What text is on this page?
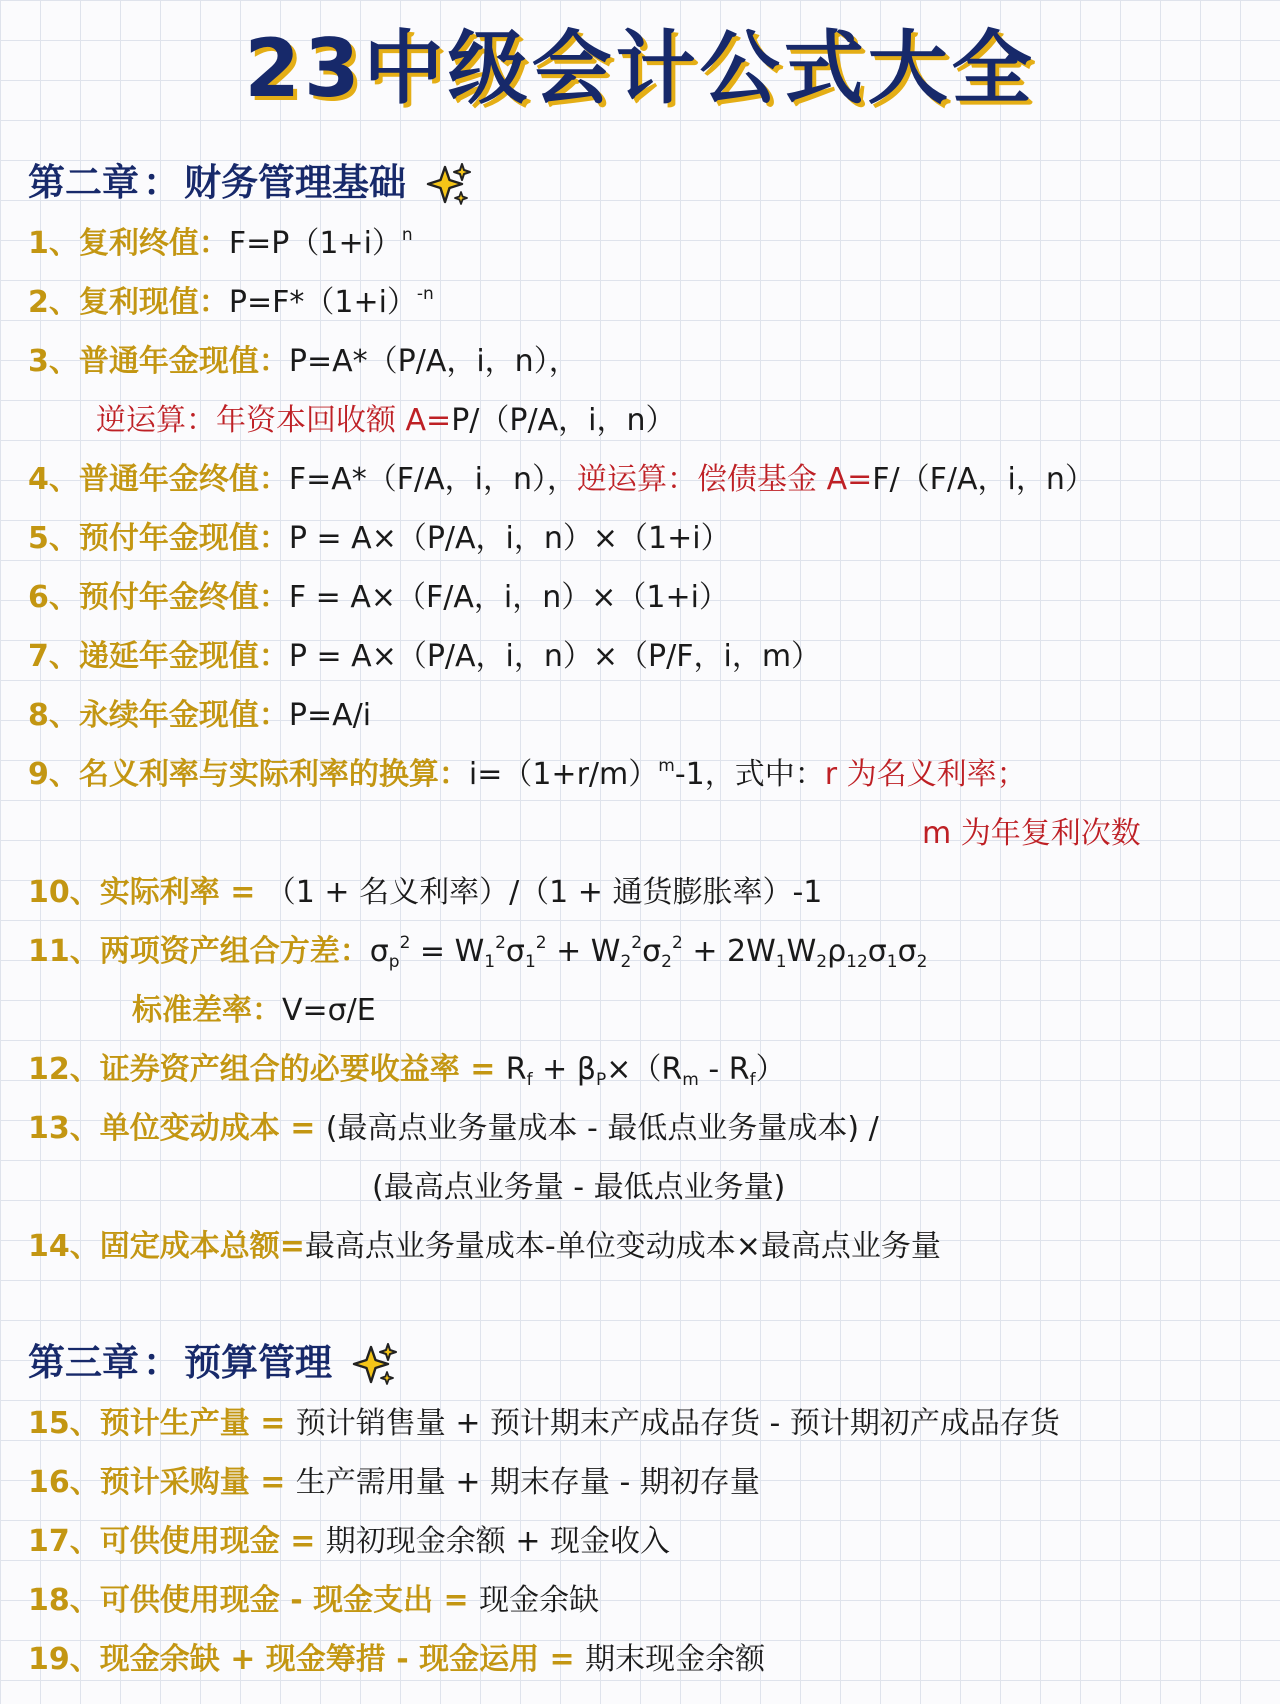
23中级会计公式大全
第二章 ： 财务管理基础
1、复利终值：$F=P(1+i)^n$
2、复利现值：$P=F*(1+i)^{-n}$
3、普通年金现值：P=A*（P/A，i，n），
逆运算：年资本回收额 A=P/（P/A，i，n）
4、普通年金终值：F=A*（F/A，i，n），逆运算：偿债基金 A=F/（F/A，i，n）
5、预付年金现值：P = A×（P/A，i，n）×（1+i）
6、预付年金终值：F = A×（F/A，i，n）×（1+i）
7、递延年金现值：P = A×（P/A，i，n）×（P/F，i，m）
8、永续年金现值：P=A/i
9、名义利率与实际利率的换算：$i=(1+r/m)^m-1$，式中：r 为名义利率；
m 为年复利次数
10、实际利率 = （1 + 名义利率）/（1 + 通货膨胀率）-1
11、两项资产组合方差：$\sigma_p^2 = W_1^2\sigma_1^2 + W_2^2\sigma_2^2 + 2W_1W_2\rho_{12}\sigma_1\sigma_2$
标准差率：V=σ/E
12、证券资产组合的必要收益率 = $R_f + \beta_P\times(R_m - R_f)$
13、单位变动成本 = (最高点业务量成本 - 最低点业务量成本) /
(最高点业务量 - 最低点业务量)
14、固定成本总额=最高点业务量成本-单位变动成本×最高点业务量
第三章 ： 预算管理
15、预计生产量 = 预计销售量 + 预计期末产成品存货 - 预计期初产成品存货
16、预计采购量 = 生产需用量 + 期末存量 - 期初存量
17、可供使用现金 = 期初现金余额 + 现金收入
18、可供使用现金 - 现金支出 = 现金余缺
19、现金余缺 + 现金筹措 - 现金运用 = 期末现金余额
